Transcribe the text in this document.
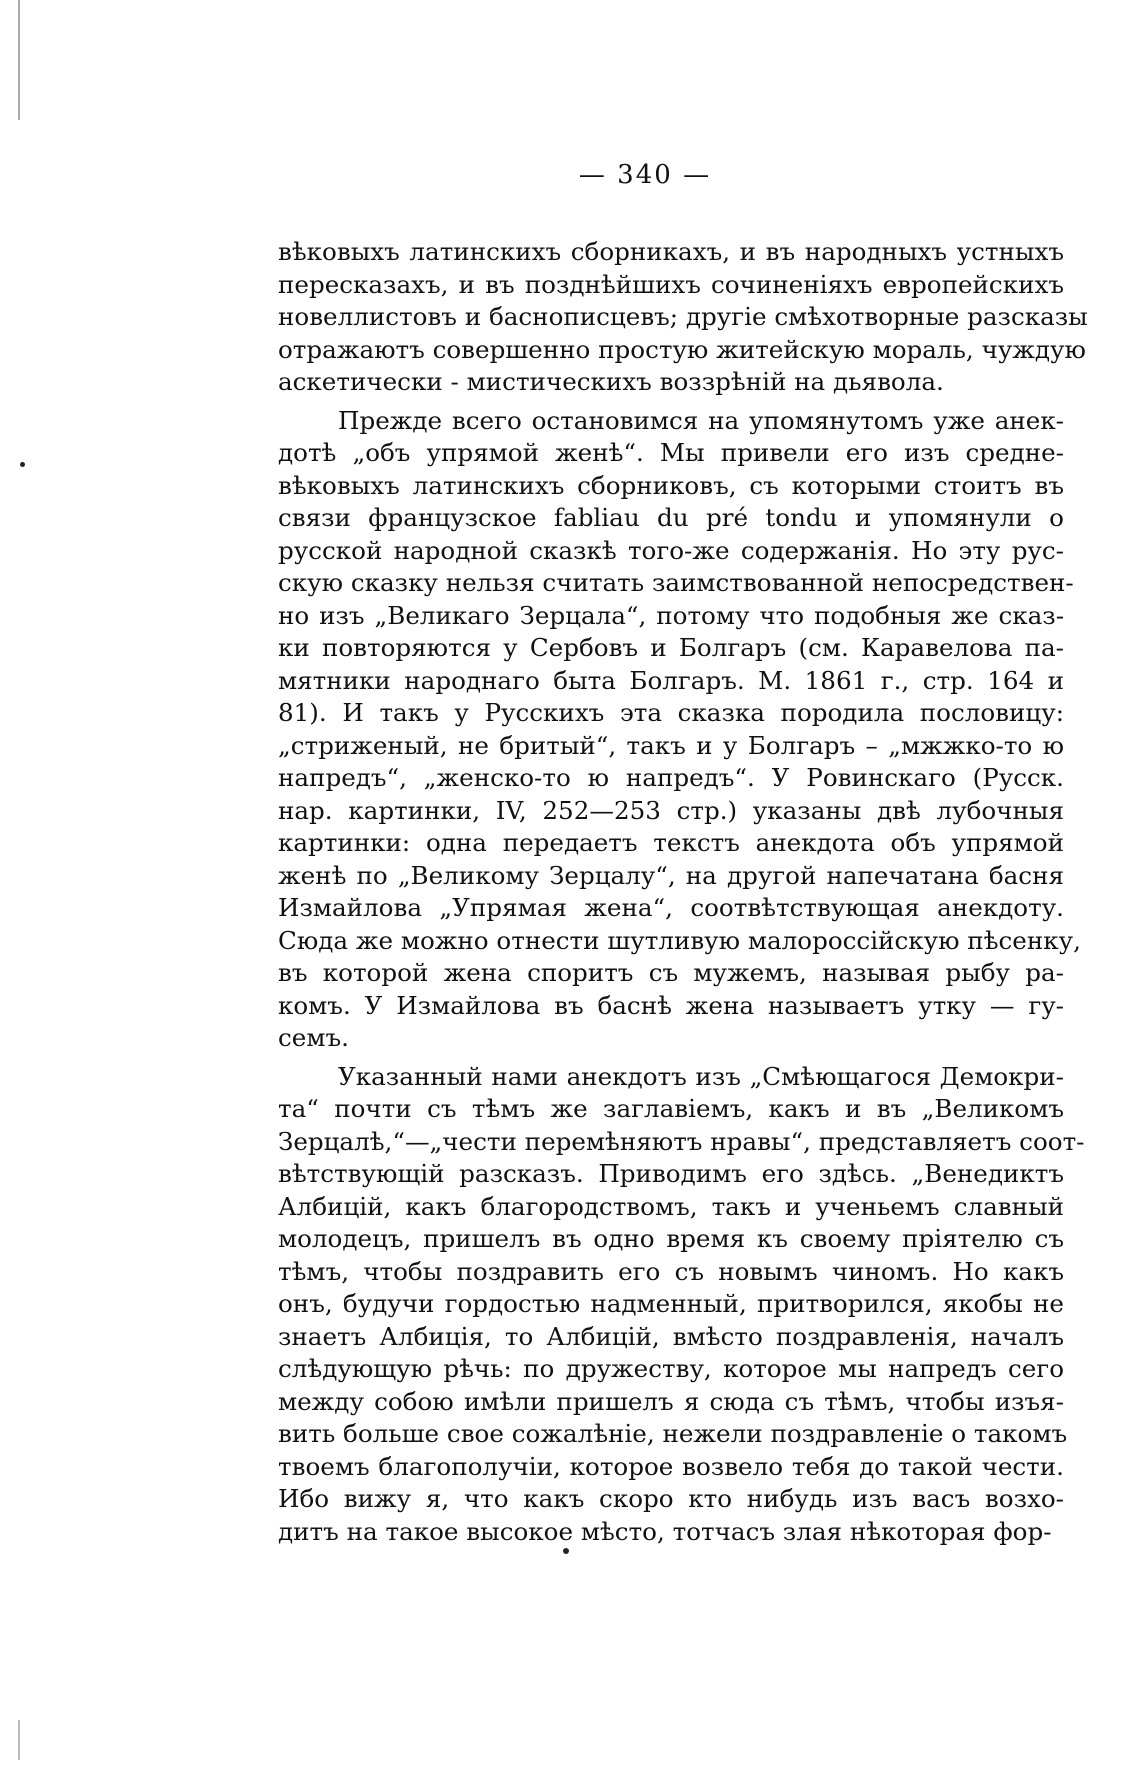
— 340 —
вѣковыхъ латинскихъ сборникахъ, и въ народныхъ устныхъ
пересказахъ, и въ позднѣйшихъ сочиненіяхъ европейскихъ
новеллистовъ и баснописцевъ; другіе смѣхотворные разсказы
отражаютъ совершенно простую житейскую мораль, чуждую
аскетически - мистическихъ воззрѣній на дьявола.
Прежде всего остановимся на упомянутомъ уже анек-
дотѣ „объ упрямой женѣ“. Мы привели его изъ средне-
вѣковыхъ латинскихъ сборниковъ, съ которыми стоитъ въ
связи французское fabliau du pré tondu и упомянули о
русской народной сказкѣ того-же содержанія. Но эту рус-
скую сказку нельзя считать заимствованной непосредствен-
но изъ „Великаго Зерцала“, потому что подобныя же сказ-
ки повторяются у Сербовъ и Болгаръ (см. Каравелова па-
мятники народнаго быта Болгаръ. М. 1861 г., стр. 164 и
81). И такъ у Русскихъ эта сказка породила пословицу:
„стриженый, не бритый“, такъ и у Болгаръ – „мжжко-то ю
напредъ“, „женско-то ю напредъ“. У Ровинскаго (Русск.
нар. картинки, IV, 252—253 стр.) указаны двѣ лубочныя
картинки: одна передаетъ текстъ анекдота объ упрямой
женѣ по „Великому Зерцалу“, на другой напечатана басня
Измайлова „Упрямая жена“, соотвѣтствующая анекдоту.
Сюда же можно отнести шутливую малороссійскую пѣсенку,
въ которой жена споритъ съ мужемъ, называя рыбу ра-
комъ. У Измайлова въ баснѣ жена называетъ утку — гу-
семъ.
Указанный нами анекдотъ изъ „Смѣющагося Демокри-
та“ почти съ тѣмъ же заглавіемъ, какъ и въ „Великомъ
Зерцалѣ,“—„чести перемѣняютъ нравы“, представляетъ соот-
вѣтствующій разсказъ. Приводимъ его здѣсь. „Венедиктъ
Албицій, какъ благородствомъ, такъ и ученьемъ славный
молодецъ, пришелъ въ одно время къ своему пріятелю съ
тѣмъ, чтобы поздравить его съ новымъ чиномъ. Но какъ
онъ, будучи гордостью надменный, притворился, якобы не
знаетъ Албиція, то Албицій, вмѣсто поздравленія, началъ
слѣдующую рѣчь: по дружеству, которое мы напредъ сего
между собою имѣли пришелъ я сюда съ тѣмъ, чтобы изъя-
вить больше свое сожалѣніе, нежели поздравленіе о такомъ
твоемъ благополучіи, которое возвело тебя до такой чести.
Ибо вижу я, что какъ скоро кто нибудь изъ васъ возхо-
дитъ на такое высокое мѣсто, тотчасъ злая нѣкоторая фор-
